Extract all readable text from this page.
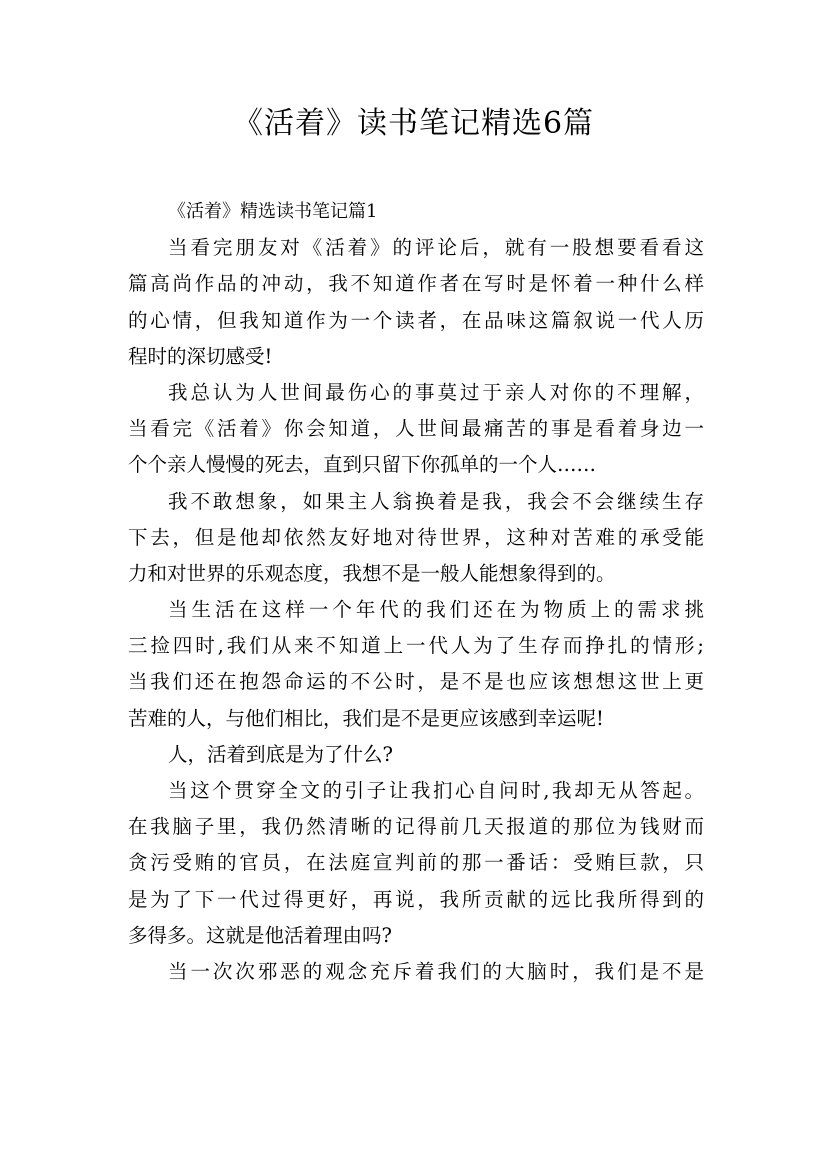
《活着》读书笔记精选6篇
《活着》精选读书笔记篇1
当看完朋友对《活着》的评论后，就有一股想要看看这
篇高尚作品的冲动，我不知道作者在写时是怀着一种什么样
的心情，但我知道作为一个读者，在品味这篇叙说一代人历
程时的深切感受!
我总认为人世间最伤心的事莫过于亲人对你的不理解，
当看完《活着》你会知道，人世间最痛苦的事是看着身边一
个个亲人慢慢的死去，直到只留下你孤单的一个人……
我不敢想象，如果主人翁换着是我，我会不会继续生存
下去，但是他却依然友好地对待世界，这种对苦难的承受能
力和对世界的乐观态度，我想不是一般人能想象得到的。
当生活在这样一个年代的我们还在为物质上的需求挑
三捡四时,我们从来不知道上一代人为了生存而挣扎的情形;
当我们还在抱怨命运的不公时，是不是也应该想想这世上更
苦难的人，与他们相比，我们是不是更应该感到幸运呢!
人，活着到底是为了什么?
当这个贯穿全文的引子让我扪心自问时,我却无从答起。
在我脑子里，我仍然清晰的记得前几天报道的那位为钱财而
贪污受贿的官员，在法庭宣判前的那一番话：受贿巨款，只
是为了下一代过得更好，再说，我所贡献的远比我所得到的
多得多。这就是他活着理由吗?
当一次次邪恶的观念充斥着我们的大脑时，我们是不是
